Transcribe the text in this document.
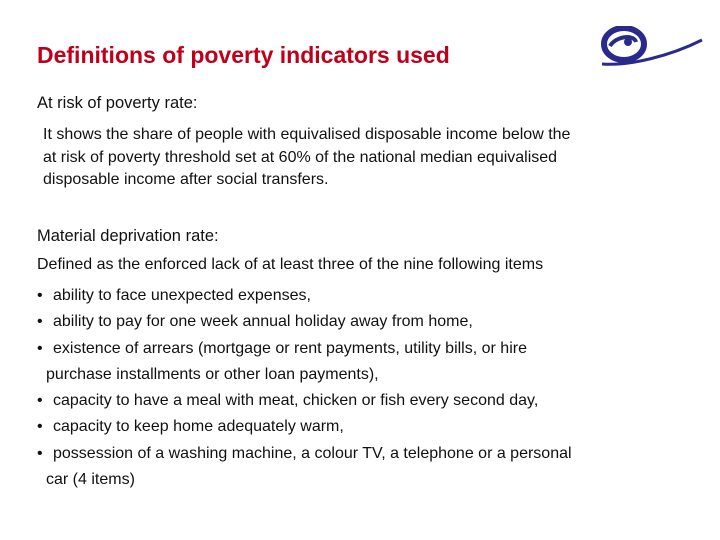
Definitions of poverty indicators used
At risk of poverty rate:
It shows the share of people with equivalised disposable income below the
at risk of poverty threshold set at 60% of the national median equivalised
disposable income after social transfers.
Material deprivation rate:
Defined as the enforced lack of at least three of the nine following items
• ability to face unexpected expenses,
• ability to pay for one week annual holiday away from home,
• existence of arrears (mortgage or rent payments, utility bills, or hire
purchase installments or other loan payments),
• capacity to have a meal with meat, chicken or fish every second day,
• capacity to keep home adequately warm,
• possession of a washing machine, a colour TV, a telephone or a personal
car (4 items)
